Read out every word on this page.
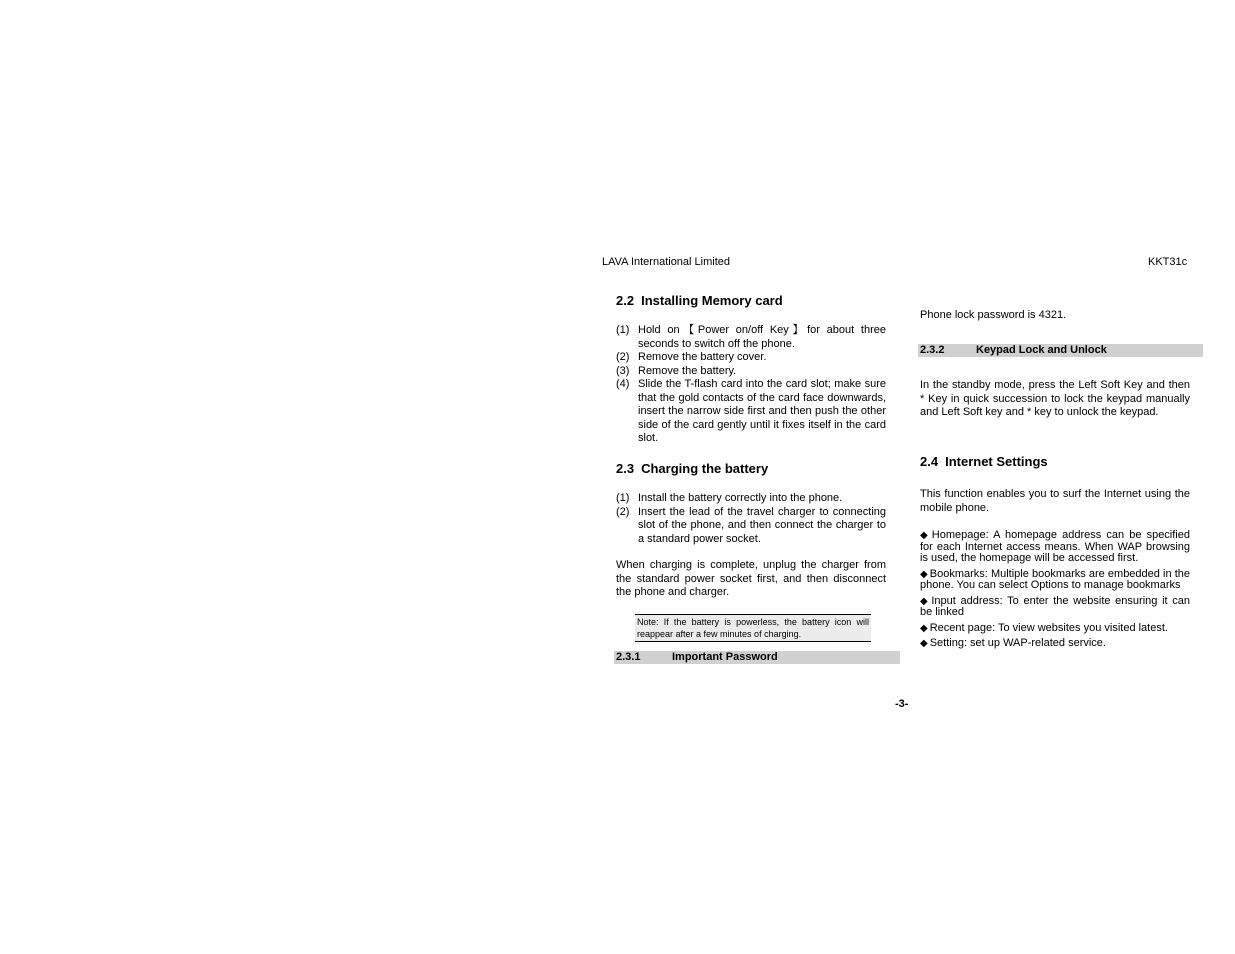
LAVA International Limited	KKT31c
2.2 Installing Memory card
(1) Hold on【Power on/off Key】for about three seconds to switch off the phone.
(2) Remove the battery cover.
(3) Remove the battery.
(4) Slide the T-flash card into the card slot; make sure that the gold contacts of the card face downwards, insert the narrow side first and then push the other side of the card gently until it fixes itself in the card slot.
2.3 Charging the battery
(1) Install the battery correctly into the phone.
(2) Insert the lead of the travel charger to connecting slot of the phone, and then connect the charger to a standard power socket.
When charging is complete, unplug the charger from the standard power socket first, and then disconnect the phone and charger.
Note: If the battery is powerless, the battery icon will reappear after a few minutes of charging.
2.3.1	Important Password
Phone lock password is 4321.
2.3.2	Keypad Lock and Unlock
In the standby mode, press the Left Soft Key and then * Key in quick succession to lock the keypad manually and Left Soft key and * key to unlock the keypad.
2.4 Internet Settings
This function enables you to surf the Internet using the mobile phone.
◆ Homepage: A homepage address can be specified for each Internet access means. When WAP browsing is used, the homepage will be accessed first.
◆ Bookmarks: Multiple bookmarks are embedded in the phone. You can select Options to manage bookmarks
◆ Input address: To enter the website ensuring it can be linked
◆ Recent page: To view websites you visited latest.
◆ Setting: set up WAP-related service.
-3-
